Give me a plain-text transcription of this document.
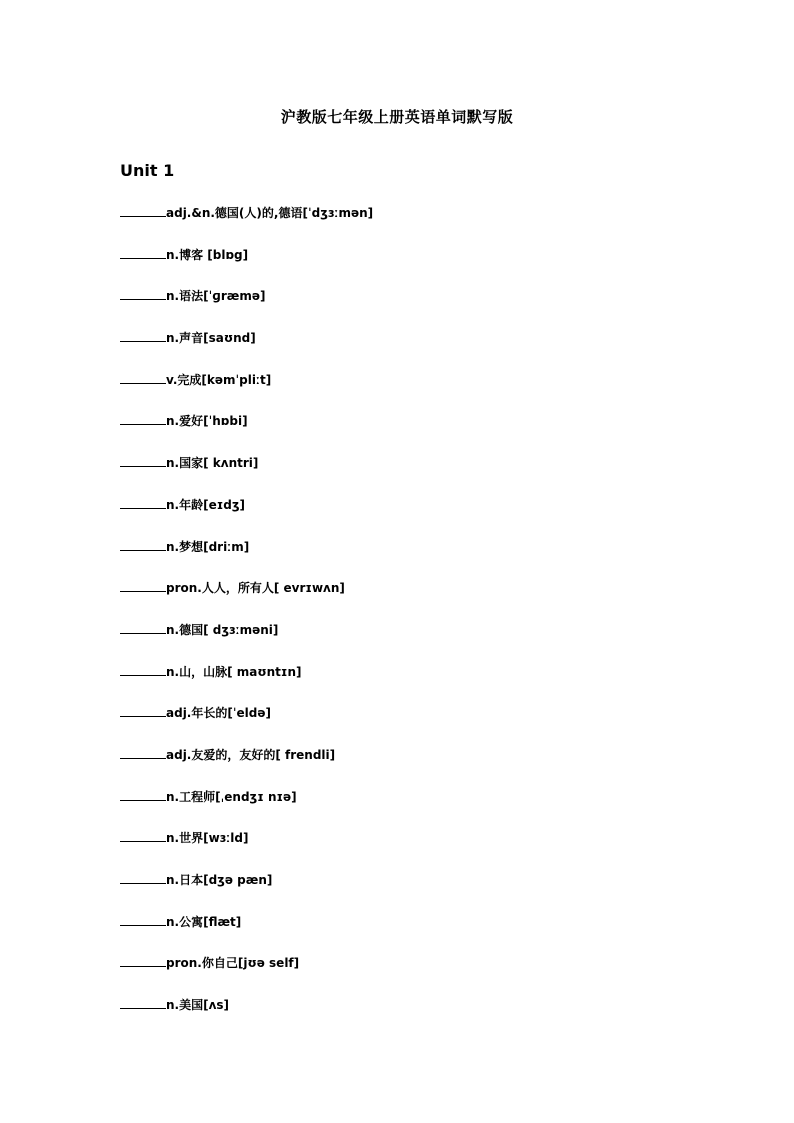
沪教版七年级上册英语单词默写版
Unit 1
adj.&n.德国(人)的,德语[ˈdʒɜːmən]
n.博客 [blɒg]
n.语法[ˈɡræmə]
n.声音[saʊnd]
v.完成[kəmˈpliːt]
n.爱好[ˈhɒbi]
n.国家[ kʌntri]
n.年龄[eɪdʒ]
n.梦想[driːm]
pron.人人，所有人[ evrɪwʌn]
n.德国[ dʒɜːməni]
n.山，山脉[ maʊntɪn]
adj.年长的[ˈeldə]
adj.友爱的，友好的[ frendli]
n.工程师[ˌendʒɪ nɪə]
n.世界[wɜːld]
n.日本[dʒə pæn]
n.公寓[flæt]
pron.你自己[jʊə self]
n.美国[ʌs]
